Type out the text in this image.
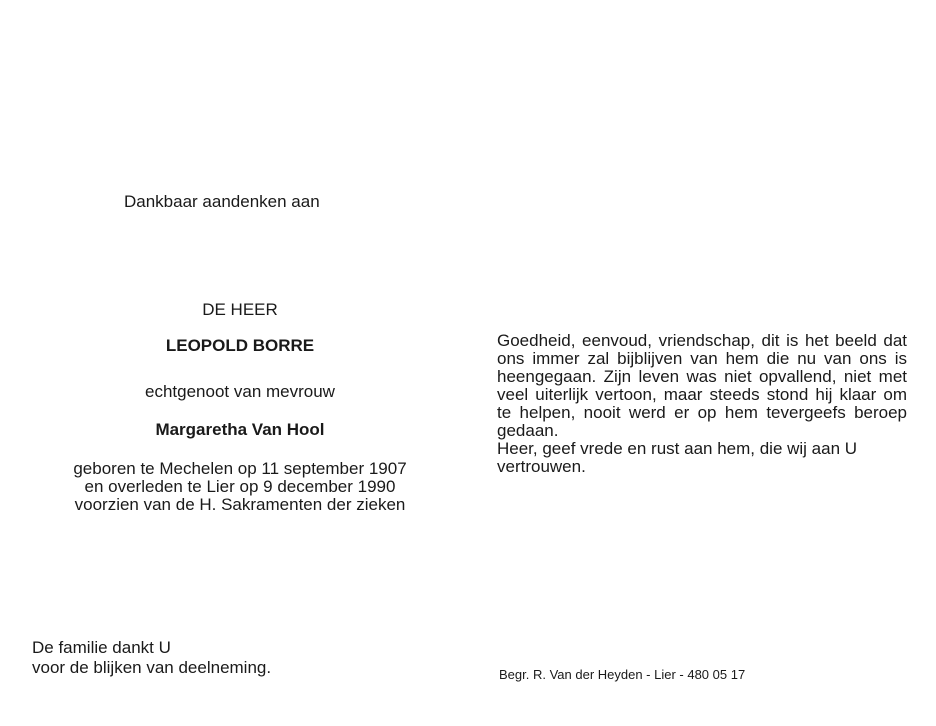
Dankbaar aandenken aan
DE HEER
LEOPOLD BORRE
echtgenoot van mevrouw
Margaretha Van Hool
geboren te Mechelen op 11 september 1907
en overleden te Lier op 9 december 1990
voorzien van de H. Sakramenten der zieken
De familie dankt U
voor de blijken van deelneming.

Goedheid, eenvoud, vriendschap, dit is het beeld dat ons immer zal bijblijven van hem die nu van ons is heengegaan. Zijn leven was niet opvallend, niet met veel uiterlijk vertoon, maar steeds stond hij klaar om te helpen, nooit werd er op hem tevergeefs beroep gedaan.

Heer, geef vrede en rust aan hem, die wij aan U vertrouwen.

Begr. R. Van der Heyden - Lier - 480 05 17
